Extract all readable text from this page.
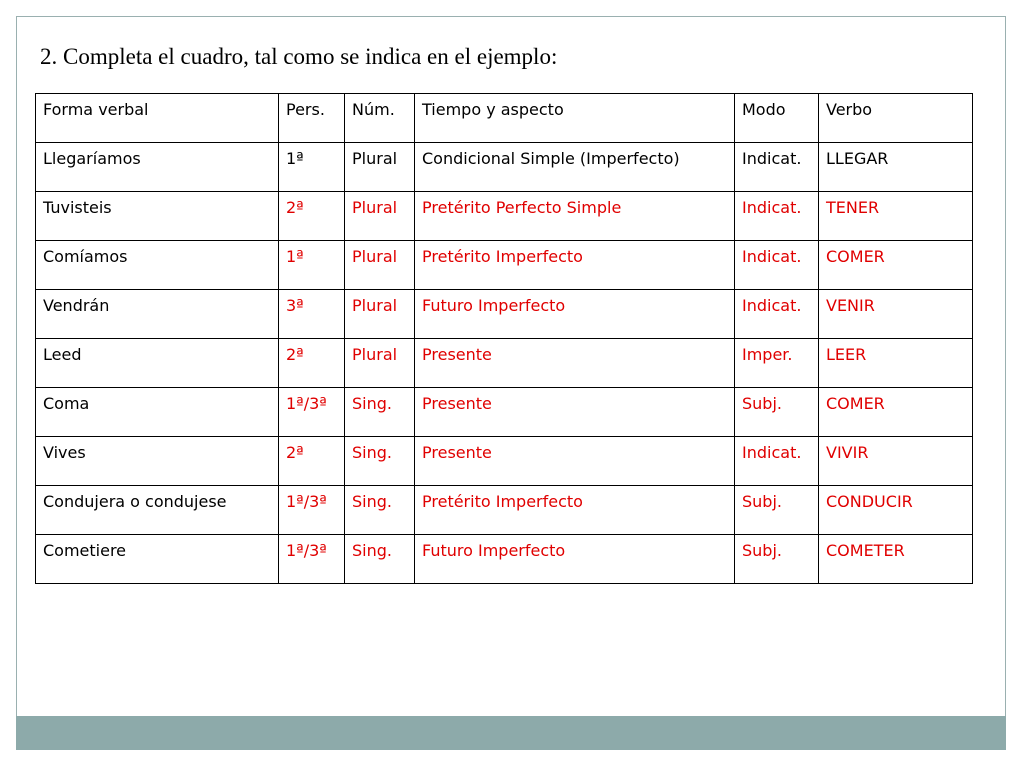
2. Completa el cuadro, tal como se indica en el ejemplo:
Forma verbal	Pers.	Núm.	Tiempo y aspecto	Modo	Verbo
Llegaríamos	1ª	Plural	Condicional Simple (Imperfecto)	Indicat.	LLEGAR
Tuvisteis	2ª	Plural	Pretérito Perfecto Simple	Indicat.	TENER
Comíamos	1ª	Plural	Pretérito Imperfecto	Indicat.	COMER
Vendrán	3ª	Plural	Futuro Imperfecto	Indicat.	VENIR
Leed	2ª	Plural	Presente	Imper.	LEER
Coma	1ª/3ª	Sing.	Presente	Subj.	COMER
Vives	2ª	Sing.	Presente	Indicat.	VIVIR
Condujera o condujese	1ª/3ª	Sing.	Pretérito Imperfecto	Subj.	CONDUCIR
Cometiere	1ª/3ª	Sing.	Futuro Imperfecto	Subj.	COMETER
